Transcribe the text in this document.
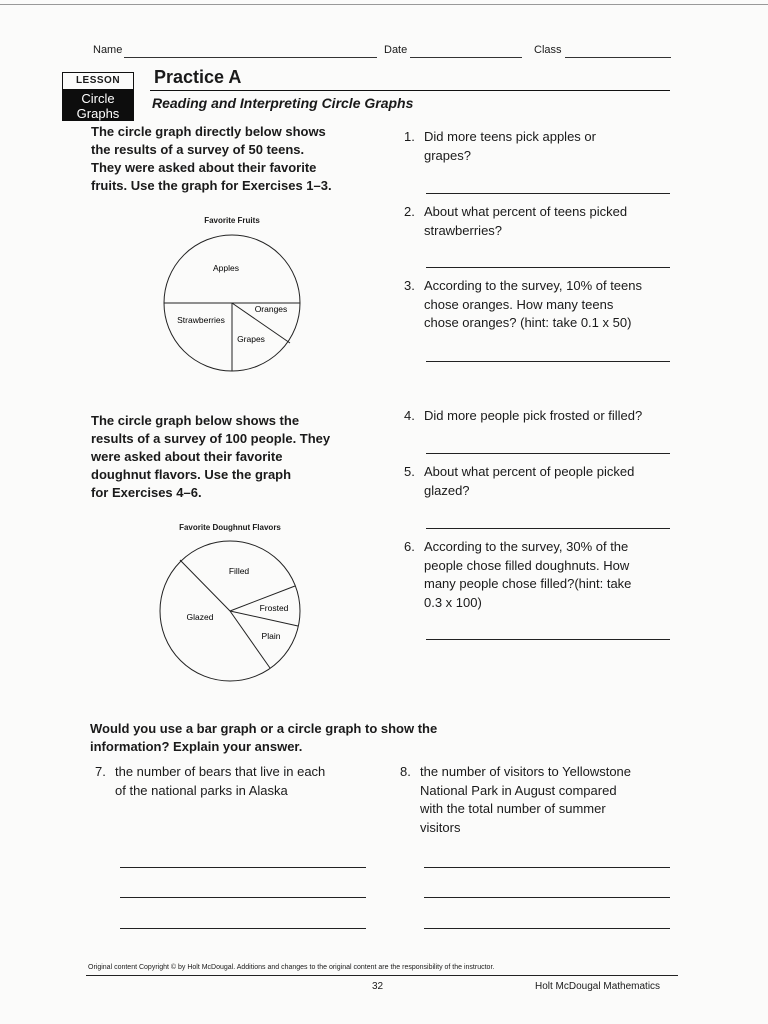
Name	Date	Class
LESSON
Circle Graphs
Practice A
Reading and Interpreting Circle Graphs
The circle graph directly below shows
the results of a survey of 50 teens.
They were asked about their favorite
fruits. Use the graph for Exercises 1–3.
Favorite Fruits
Apples
Oranges
Strawberries
Grapes
1. Did more teens pick apples or
grapes?
2. About what percent of teens picked
strawberries?
3. According to the survey, 10% of teens
chose oranges. How many teens
chose oranges? (hint: take 0.1 x 50)
The circle graph below shows the
results of a survey of 100 people. They
were asked about their favorite
doughnut flavors. Use the graph
for Exercises 4–6.
Favorite Doughnut Flavors
Filled
Frosted
Glazed
Plain
4. Did more people pick frosted or filled?
5. About what percent of people picked
glazed?
6. According to the survey, 30% of the
people chose filled doughnuts. How
many people chose filled?(hint: take
0.3 x 100)
Would you use a bar graph or a circle graph to show the
information? Explain your answer.
7. the number of bears that live in each
of the national parks in Alaska
8. the number of visitors to Yellowstone
National Park in August compared
with the total number of summer
visitors
Original content Copyright © by Holt McDougal. Additions and changes to the original content are the responsibility of the instructor.
32	Holt McDougal Mathematics
